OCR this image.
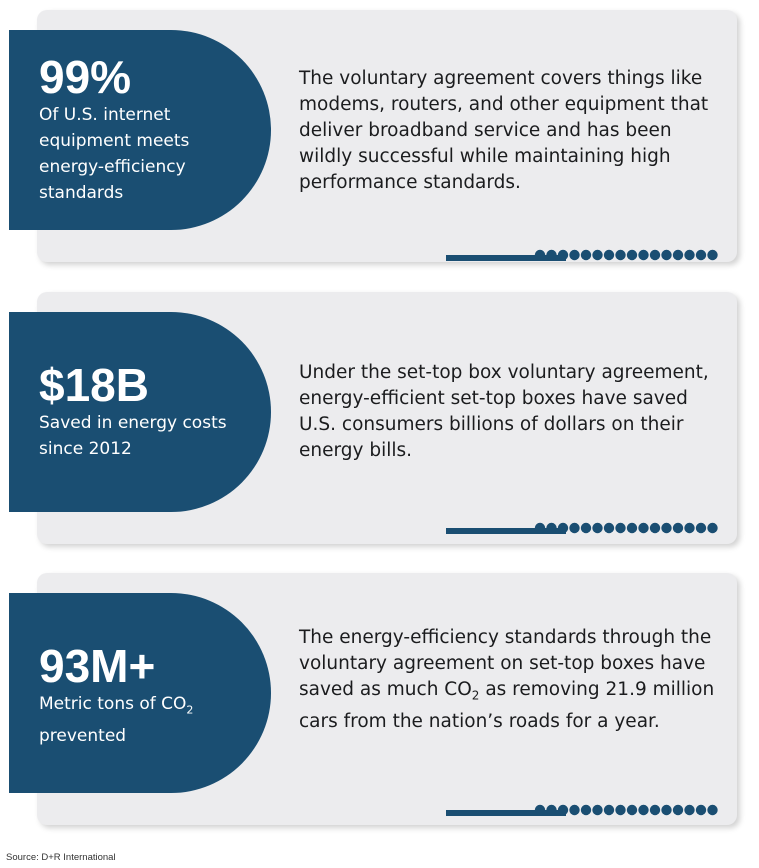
99%
Of U.S. internet equipment meets energy-efficiency standards
The voluntary agreement covers things like modems, routers, and other equipment that deliver broadband service and has been wildly successful while maintaining high performance standards.
$18B
Saved in energy costs since 2012
Under the set-top box voluntary agreement, energy-efficient set-top boxes have saved U.S. consumers billions of dollars on their energy bills.
93M+
Metric tons of $CO_2$ prevented
The energy-efficiency standards through the voluntary agreement on set-top boxes have saved as much $CO_2$ as removing 21.9 million cars from the nation’s roads for a year.
Source: D+R International
